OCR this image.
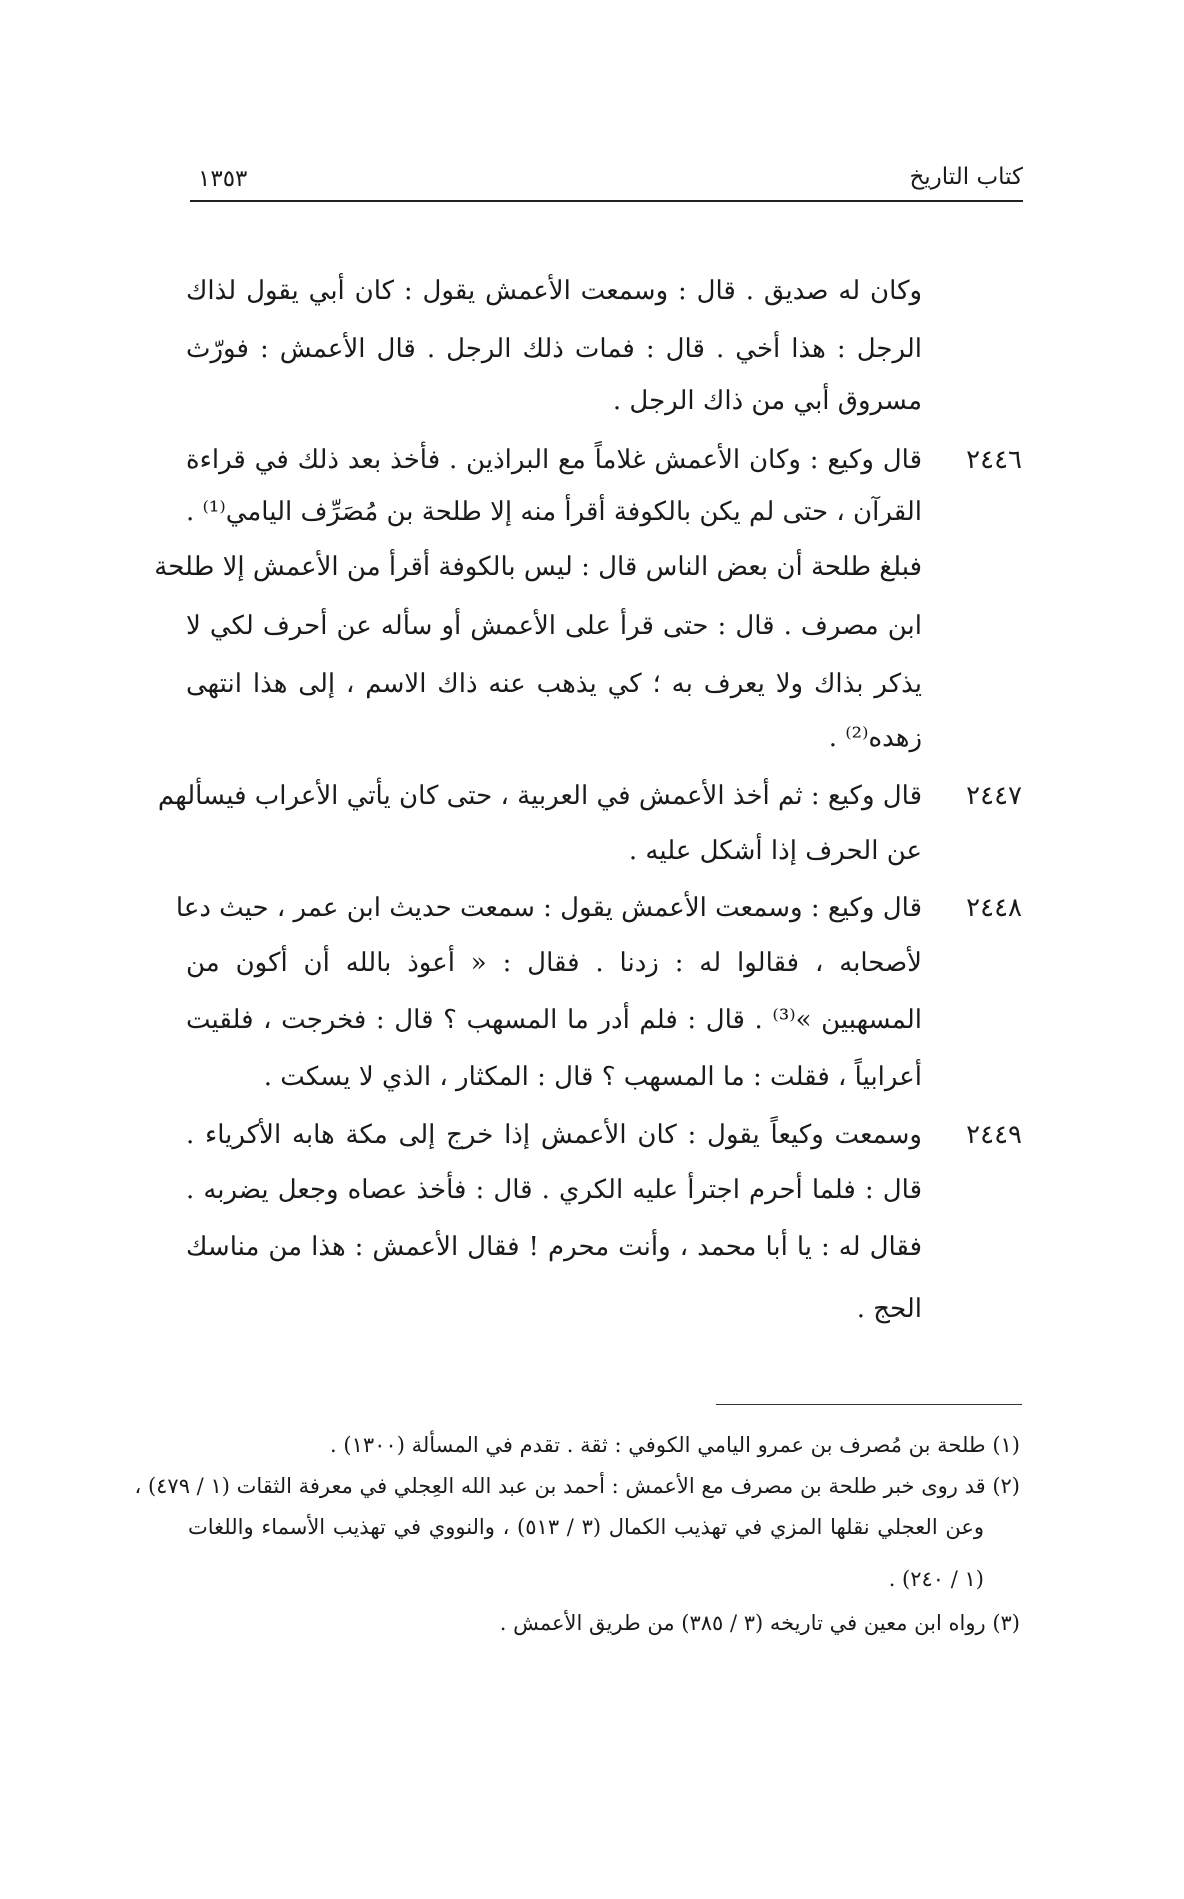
كتاب التاريخ
١٣٥٣
وكان له صديق . قال : وسمعت الأعمش يقول : كان أبي يقول لذاك
الرجل : هذا أخي . قال : فمات ذلك الرجل . قال الأعمش : فورّث
مسروق أبي من ذاك الرجل .
٢٤٤٦
قال وكيع : وكان الأعمش غلاماً مع البراذين . فأخذ بعد ذلك في قراءة
القرآن ، حتى لم يكن بالكوفة أقرأ منه إلا طلحة بن مُصَرِّف اليامي⁽¹⁾ .
فبلغ طلحة أن بعض الناس قال : ليس بالكوفة أقرأ من الأعمش إلا طلحة
ابن مصرف . قال : حتى قرأ على الأعمش أو سأله عن أحرف لكي لا
يذكر بذاك ولا يعرف به ؛ كي يذهب عنه ذاك الاسم ، إلى هذا انتهى
زهده⁽²⁾ .
٢٤٤٧
قال وكيع : ثم أخذ الأعمش في العربية ، حتى كان يأتي الأعراب فيسألهم
عن الحرف إذا أشكل عليه .
٢٤٤٨
قال وكيع : وسمعت الأعمش يقول : سمعت حديث ابن عمر ، حيث دعا
لأصحابه ، فقالوا له : زدنا . فقال : « أعوذ بالله أن أكون من
المسهبين »⁽³⁾ . قال : فلم أدر ما المسهب ؟ قال : فخرجت ، فلقيت
أعرابياً ، فقلت : ما المسهب ؟ قال : المكثار ، الذي لا يسكت .
٢٤٤٩
وسمعت وكيعاً يقول : كان الأعمش إذا خرج إلى مكة هابه الأكرياء .
قال : فلما أحرم اجترأ عليه الكري . قال : فأخذ عصاه وجعل يضربه .
فقال له : يا أبا محمد ، وأنت محرم ! فقال الأعمش : هذا من مناسك
الحج .
(١) طلحة بن مُصرف بن عمرو اليامي الكوفي : ثقة . تقدم في المسألة (١٣٠٠) .
(٢) قد روى خبر طلحة بن مصرف مع الأعمش : أحمد بن عبد الله العِجلي في معرفة الثقات (١ / ٤٧٩) ،
وعن العجلي نقلها المزي في تهذيب الكمال (٣ / ٥١٣) ، والنووي في تهذيب الأسماء واللغات
(١ / ٢٤٠) .
(٣) رواه ابن معين في تاريخه (٣ / ٣٨٥) من طريق الأعمش .
